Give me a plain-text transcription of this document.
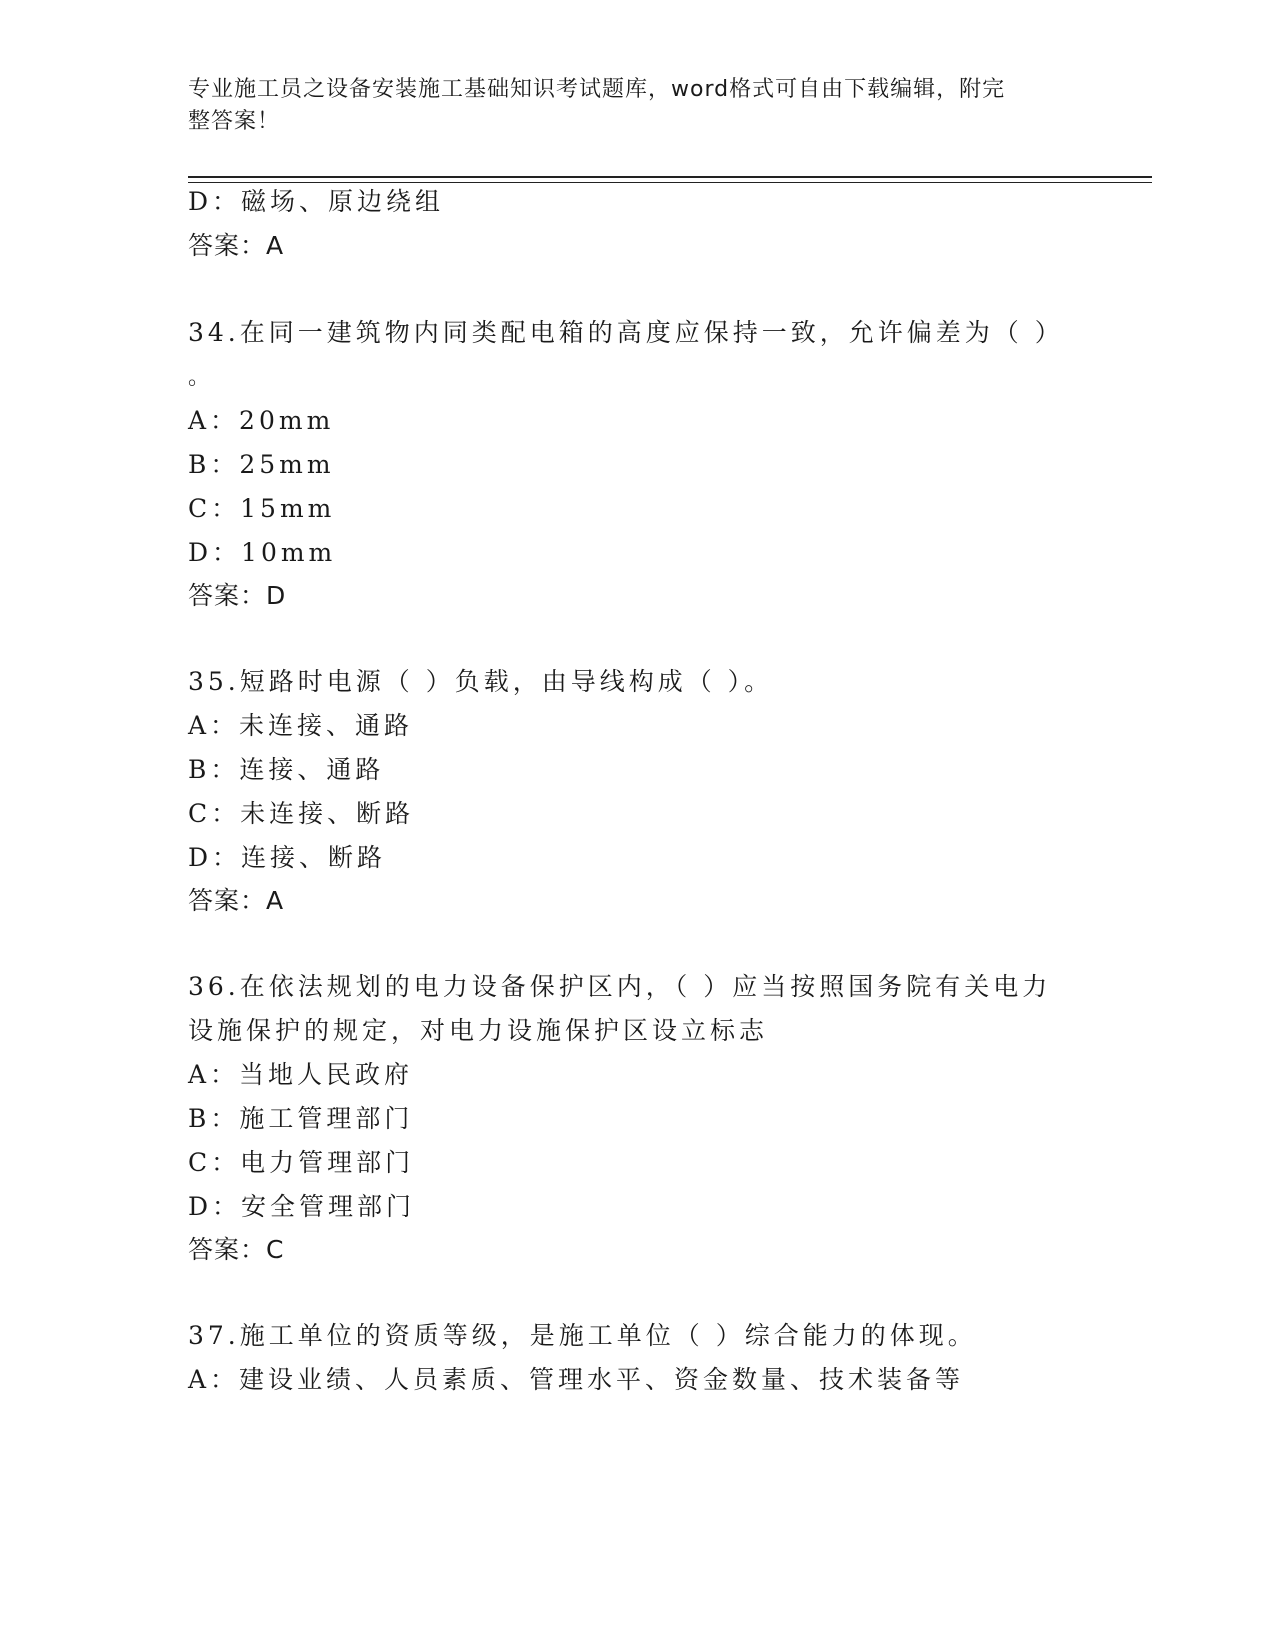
专业施工员之设备安装施工基础知识考试题库，word格式可自由下载编辑，附完
整答案！
D：磁场、原边绕组
答案：A
34.在同一建筑物内同类配电箱的高度应保持一致，允许偏差为（ ）
。
A：20mm
B：25mm
C：15mm
D：10mm
答案：D
35.短路时电源（ ）负载，由导线构成（ ）。
A：未连接、通路
B：连接、通路
C：未连接、断路
D：连接、断路
答案：A
36.在依法规划的电力设备保护区内，（ ）应当按照国务院有关电力
设施保护的规定，对电力设施保护区设立标志
A：当地人民政府
B：施工管理部门
C：电力管理部门
D：安全管理部门
答案：C
37.施工单位的资质等级，是施工单位（ ）综合能力的体现。
A：建设业绩、人员素质、管理水平、资金数量、技术装备等
